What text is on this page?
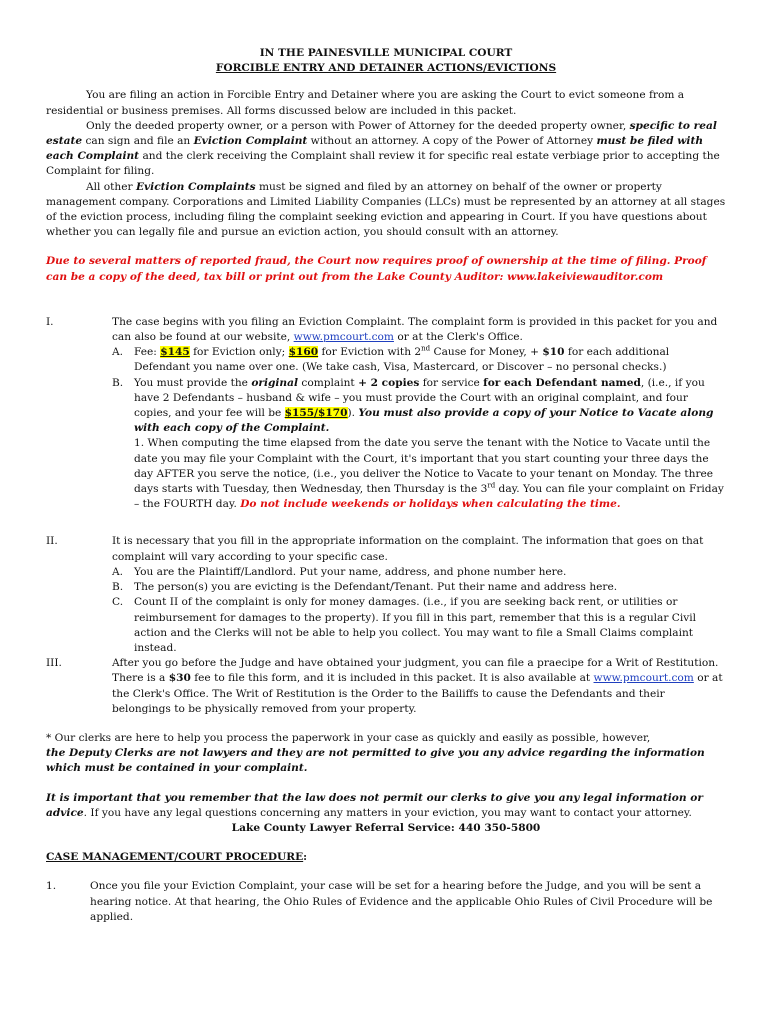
IN THE PAINESVILLE MUNICIPAL COURT
FORCIBLE ENTRY AND DETAINER ACTIONS/EVICTIONS

You are filing an action in Forcible Entry and Detainer where you are asking the Court to evict someone from a residential or business premises. All forms discussed below are included in this packet.

Only the deeded property owner, or a person with Power of Attorney for the deeded property owner, specific to real estate can sign and file an Eviction Complaint without an attorney. A copy of the Power of Attorney must be filed with each Complaint and the clerk receiving the Complaint shall review it for specific real estate verbiage prior to accepting the Complaint for filing.

All other Eviction Complaints must be signed and filed by an attorney on behalf of the owner or property management company. Corporations and Limited Liability Companies (LLCs) must be represented by an attorney at all stages of the eviction process, including filing the complaint seeking eviction and appearing in Court. If you have questions about whether you can legally file and pursue an eviction action, you should consult with an attorney.

Due to several matters of reported fraud, the Court now requires proof of ownership at the time of filing. Proof can be a copy of the deed, tax bill or print out from the Lake County Auditor: www.lakeiviewauditor.com

I.	The case begins with you filing an Eviction Complaint. The complaint form is provided in this packet for you and can also be found at our website, www.pmcourt.com or at the Clerk's Office.

A.	Fee: $145 for Eviction only; $160 for Eviction with 2nd Cause for Money, + $10 for each additional Defendant you name over one. (We take cash, Visa, Mastercard, or Discover – no personal checks.)
B.	You must provide the original complaint + 2 copies for service for each Defendant named, (i.e., if you have 2 Defendants – husband & wife – you must provide the Court with an original complaint, and four copies, and your fee will be $155/$170). You must also provide a copy of your Notice to Vacate along with each copy of the Complaint.
1. When computing the time elapsed from the date you serve the tenant with the Notice to Vacate until the date you may file your Complaint with the Court, it's important that you start counting your three days the day AFTER you serve the notice, (i.e., you deliver the Notice to Vacate to your tenant on Monday. The three days starts with Tuesday, then Wednesday, then Thursday is the 3rd day. You can file your complaint on Friday – the FOURTH day. Do not include weekends or holidays when calculating the time.
II.	It is necessary that you fill in the appropriate information on the complaint. The information that goes on that complaint will vary according to your specific case.

A.	You are the Plaintiff/Landlord. Put your name, address, and phone number here.
B.	The person(s) you are evicting is the Defendant/Tenant. Put their name and address here.
C.	Count II of the complaint is only for money damages. (i.e., if you are seeking back rent, or utilities or reimbursement for damages to the property). If you fill in this part, remember that this is a regular Civil action and the Clerks will not be able to help you collect. You may want to file a Small Claims complaint instead.
III.	After you go before the Judge and have obtained your judgment, you can file a praecipe for a Writ of Restitution. There is a $30 fee to file this form, and it is included in this packet. It is also available at www.pmcourt.com or at the Clerk's Office. The Writ of Restitution is the Order to the Bailiffs to cause the Defendants and their belongings to be physically removed from your property.

* Our clerks are here to help you process the paperwork in your case as quickly and easily as possible, however,

the Deputy Clerks are not lawyers and they are not permitted to give you any advice regarding the information which must be contained in your complaint.

It is important that you remember that the law does not permit our clerks to give you any legal information or advice. If you have any legal questions concerning any matters in your eviction, you may want to contact your attorney.

Lake County Lawyer Referral Service: 440 350-5800

CASE MANAGEMENT/COURT PROCEDURE:

1.	Once you file your Eviction Complaint, your case will be set for a hearing before the Judge, and you will be sent a hearing notice. At that hearing, the Ohio Rules of Evidence and the applicable Ohio Rules of Civil Procedure will be applied.
